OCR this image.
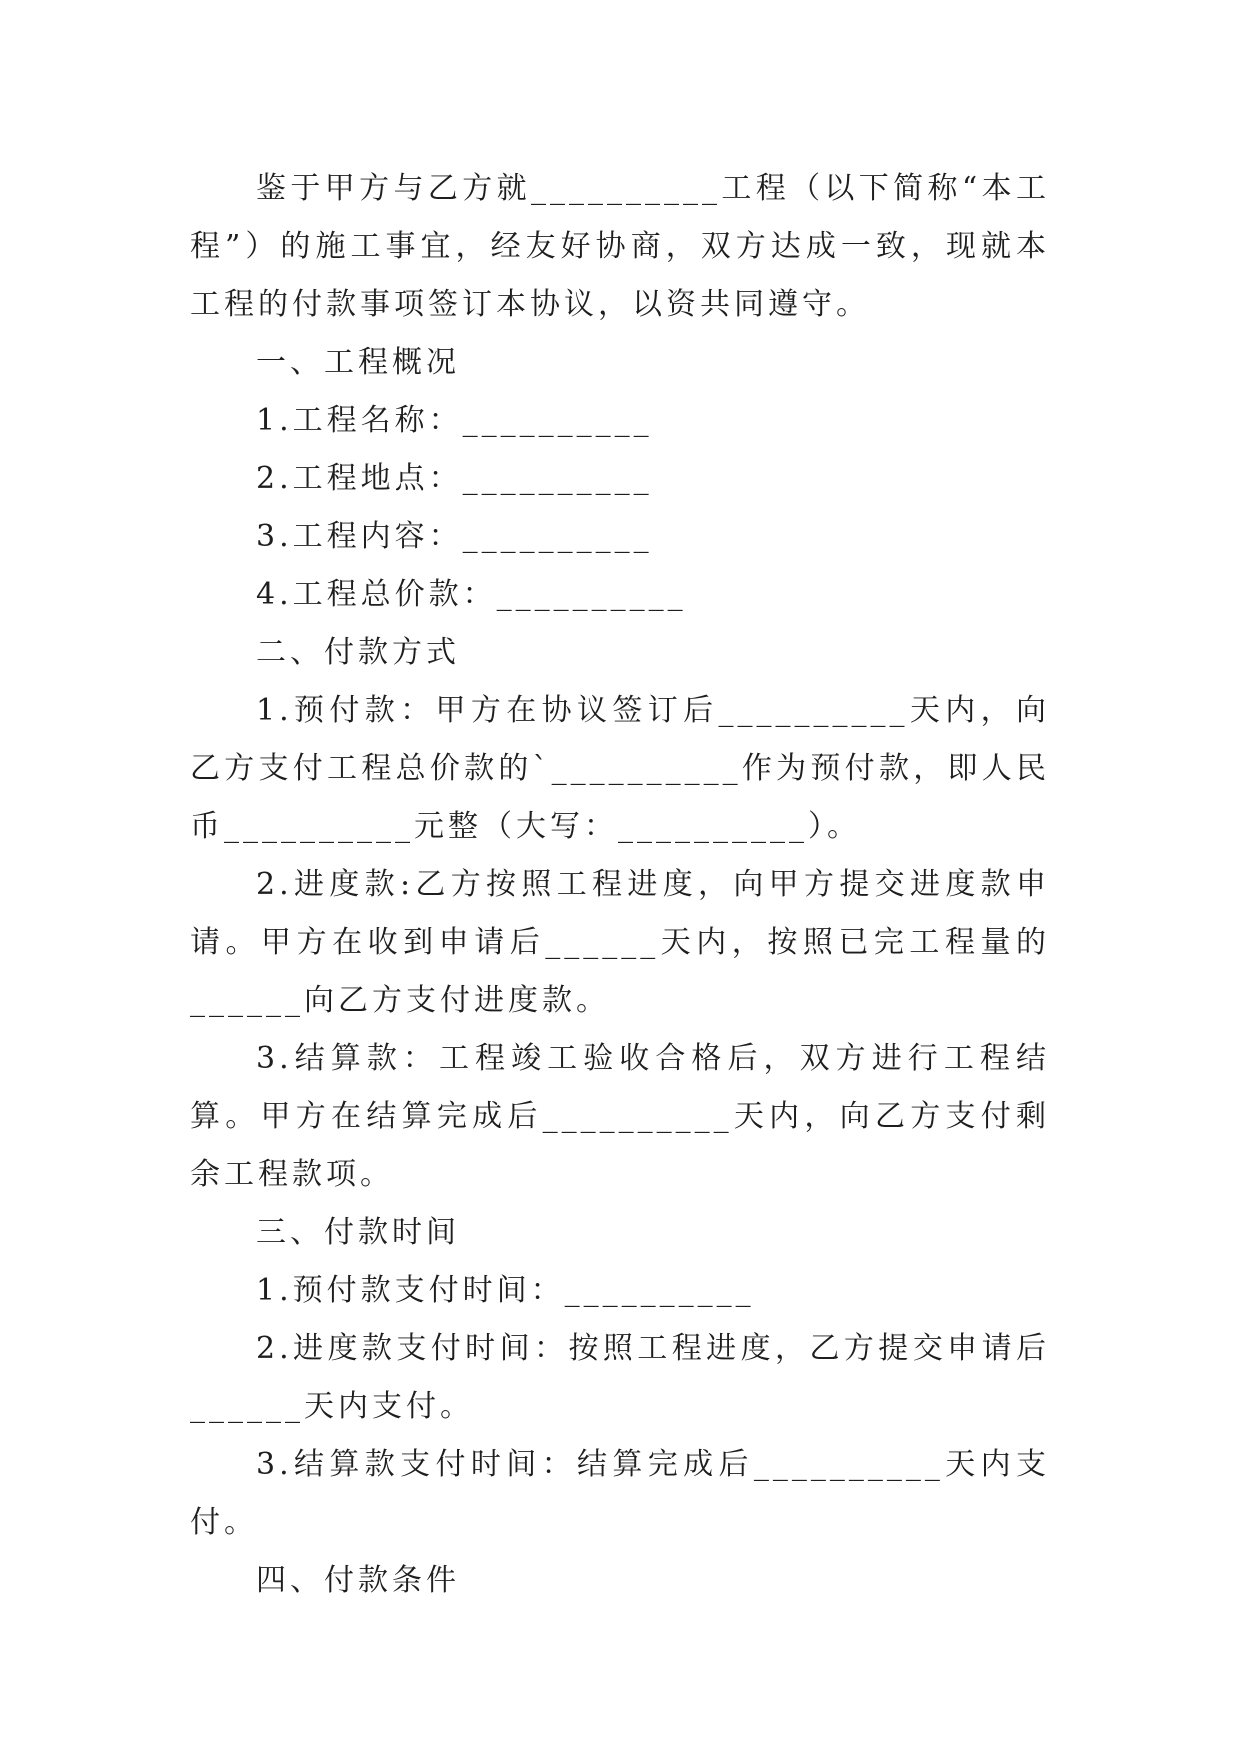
鉴于甲方与乙方就__________工程（以下简称“本工程”）的施工事宜，经友好协商，双方达成一致，现就本工程的付款事项签订本协议，以资共同遵守。

一、工程概况

1.工程名称：__________

2.工程地点：__________

3.工程内容：__________

4.工程总价款：__________

二、付款方式

1.预付款：甲方在协议签订后__________天内，向乙方支付工程总价款的`__________作为预付款，即人民币__________元整（大写：__________）。

2.进度款:乙方按照工程进度，向甲方提交进度款申请。甲方在收到申请后______天内，按照已完工程量的______向乙方支付进度款。

3.结算款：工程竣工验收合格后，双方进行工程结算。甲方在结算完成后__________天内，向乙方支付剩余工程款项。

三、付款时间

1.预付款支付时间：__________

2.进度款支付时间：按照工程进度，乙方提交申请后______天内支付。

3.结算款支付时间：结算完成后__________天内支付。

四、付款条件
